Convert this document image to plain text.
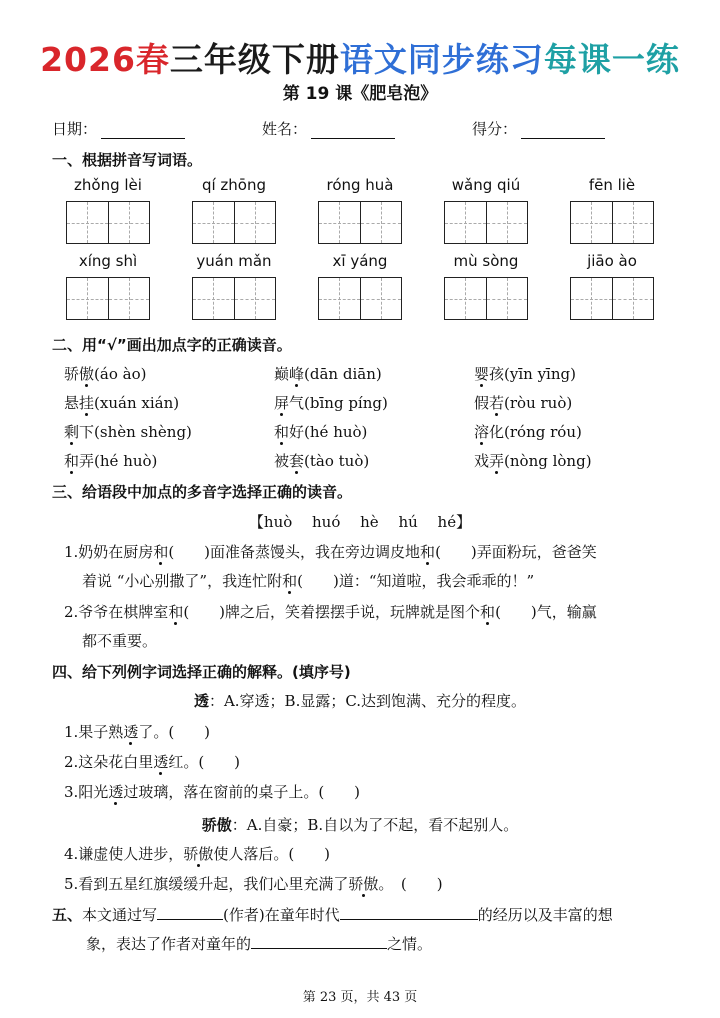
2026春三年级下册语文同步练习每课一练
第 19 课《肥皂泡》
日期：	姓名：	得分：
一、根据拼音写词语。
zhǒng lèi	qí zhōng	róng huà	wǎng qiú	fēn liè
xíng shì	yuán mǎn	xī yáng	mù sòng	jiāo ào
二、用“√”画出加点字的正确读音。
骄傲(áo ào)	巅峰(dān diān)	婴孩(yīn yīng)
悬挂(xuán xián)	屏气(bīng píng)	假若(ròu ruò)
剩下(shèn shèng)	和好(hé huò)	溶化(róng róu)
和弄(hé huò)	被套(tào tuò)	戏弄(nòng lòng)
三、给语段中加点的多音字选择正确的读音。
【huò　 huó　 hè　 hú　 hé】
1.奶奶在厨房和(　　)面准备蒸馒头，我在旁边调皮地和(　　)弄面粉玩，爸爸笑
着说 “小心别撒了”，我连忙附和(　　)道：“知道啦，我会乖乖的！”
2.爷爷在棋牌室和(　　)牌之后，笑着摆摆手说，玩牌就是图个和(　　)气，输赢
都不重要。
四、给下列例字词选择正确的解释。(填序号)
透：A.穿透；B.显露；C.达到饱满、充分的程度。
1.果子熟透了。(　　)
2.这朵花白里透红。(　　)
3.阳光透过玻璃，落在窗前的桌子上。(　　)
骄傲：A.自豪；B.自以为了不起，看不起别人。
4.谦虚使人进步，骄傲使人落后。(　　)
5.看到五星红旗缓缓升起，我们心里充满了骄傲。　(　　)
五、本文通过写	(作者)在童年时代	的经历以及丰富的想
象，表达了作者对童年的	之情。
第 23 页，共 43 页
